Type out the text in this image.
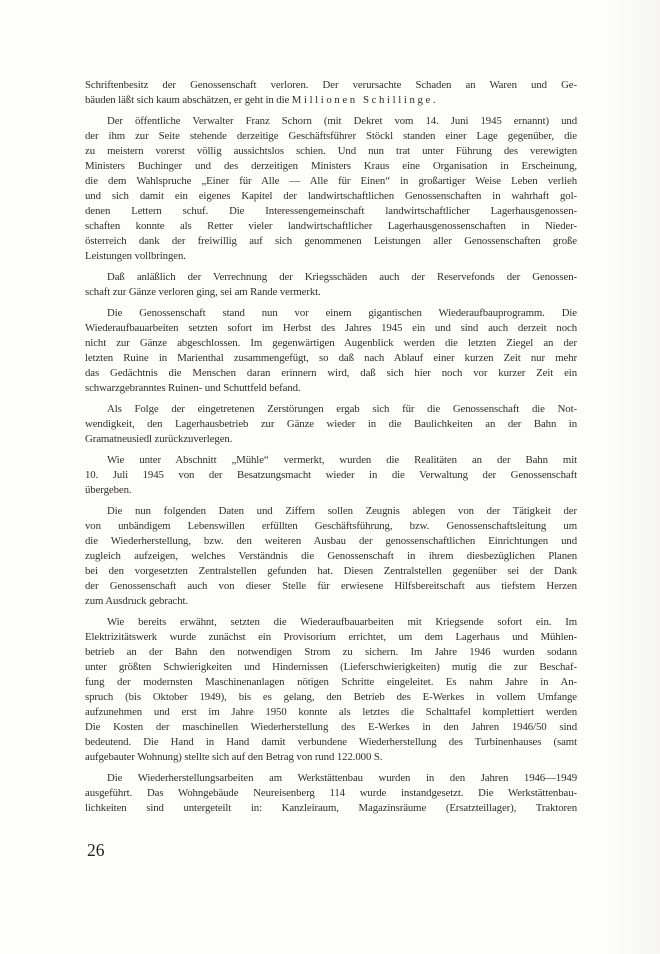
Schriftenbesitz der Genossenschaft verloren. Der verursachte Schaden an Waren und Ge-
bäuden läßt sich kaum abschätzen, er geht in die Millionen Schillinge.
Der öffentliche Verwalter Franz Schorn (mit Dekret vom 14. Juni 1945 ernannt) und
der ihm zur Seite stehende derzeitige Geschäftsführer Stöckl standen einer Lage gegenüber, die
zu meistern vorerst völlig aussichtslos schien. Und nun trat unter Führung des verewigten
Ministers Buchinger und des derzeitigen Ministers Kraus eine Organisation in Erscheinung,
die dem Wahlspruche „Einer für Alle — Alle für Einen“ in großartiger Weise Leben verlieh
und sich damit ein eigenes Kapitel der landwirtschaftlichen Genossenschaften in wahrhaft gol-
denen Lettern schuf. Die Interessengemeinschaft landwirtschaftlicher Lagerhausgenossen-
schaften konnte als Retter vieler landwirtschaftlicher Lagerhausgenossenschaften in Nieder-
österreich dank der freiwillig auf sich genommenen Leistungen aller Genossenschaften große
Leistungen vollbringen.
Daß anläßlich der Verrechnung der Kriegsschäden auch der Reservefonds der Genossen-
schaft zur Gänze verloren ging, sei am Rande vermerkt.
Die Genossenschaft stand nun vor einem gigantischen Wiederaufbauprogramm. Die
Wiederaufbauarbeiten setzten sofort im Herbst des Jahres 1945 ein und sind auch derzeit noch
nicht zur Gänze abgeschlossen. Im gegenwärtigen Augenblick werden die letzten Ziegel an der
letzten Ruine in Marienthal zusammengefügt, so daß nach Ablauf einer kurzen Zeit nur mehr
das Gedächtnis die Menschen daran erinnern wird, daß sich hier noch vor kurzer Zeit ein
schwarzgebranntes Ruinen- und Schuttfeld befand.
Als Folge der eingetretenen Zerstörungen ergab sich für die Genossenschaft die Not-
wendigkeit, den Lagerhausbetrieb zur Gänze wieder in die Baulichkeiten an der Bahn in
Gramatneusiedl zurückzuverlegen.
Wie unter Abschnitt „Mühle“ vermerkt, wurden die Realitäten an der Bahn mit
10. Juli 1945 von der Besatzungsmacht wieder in die Verwaltung der Genossenschaft
übergeben.
Die nun folgenden Daten und Ziffern sollen Zeugnis ablegen von der Tätigkeit der
von unbändigem Lebenswillen erfüllten Geschäftsführung, bzw. Genossenschaftsleitung um
die Wiederherstellung, bzw. den weiteren Ausbau der genossenschaftlichen Einrichtungen und
zugleich aufzeigen, welches Verständnis die Genossenschaft in ihrem diesbezüglichen Planen
bei den vorgesetzten Zentralstellen gefunden hat. Diesen Zentralstellen gegenüber sei der Dank
der Genossenschaft auch von dieser Stelle für erwiesene Hilfsbereitschaft aus tiefstem Herzen
zum Ausdruck gebracht.
Wie bereits erwähnt, setzten die Wiederaufbauarbeiten mit Kriegsende sofort ein. Im
Elektrizitätswerk wurde zunächst ein Provisorium errichtet, um dem Lagerhaus und Mühlen-
betrieb an der Bahn den notwendigen Strom zu sichern. Im Jahre 1946 wurden sodann
unter größten Schwierigkeiten und Hindernissen (Lieferschwierigkeiten) mutig die zur Beschaf-
fung der modernsten Maschinenanlagen nötigen Schritte eingeleitet. Es nahm Jahre in An-
spruch (bis Oktober 1949), bis es gelang, den Betrieb des E-Werkes in vollem Umfange
aufzunehmen und erst im Jahre 1950 konnte als letztes die Schalttafel komplettiert werden
Die Kosten der maschinellen Wiederherstellung des E-Werkes in den Jahren 1946/50 sind
bedeutend. Die Hand in Hand damit verbundene Wiederherstellung des Turbinenhauses (samt
aufgebauter Wohnung) stellte sich auf den Betrag von rund 122.000 S.
Die Wiederherstellungsarbeiten am Werkstättenbau wurden in den Jahren 1946—1949
ausgeführt. Das Wohngebäude Neureisenberg 114 wurde instandgesetzt. Die Werkstättenbau-
lichkeiten sind untergeteilt in: Kanzleiraum, Magazinsräume (Ersatzteillager), Traktoren
26
